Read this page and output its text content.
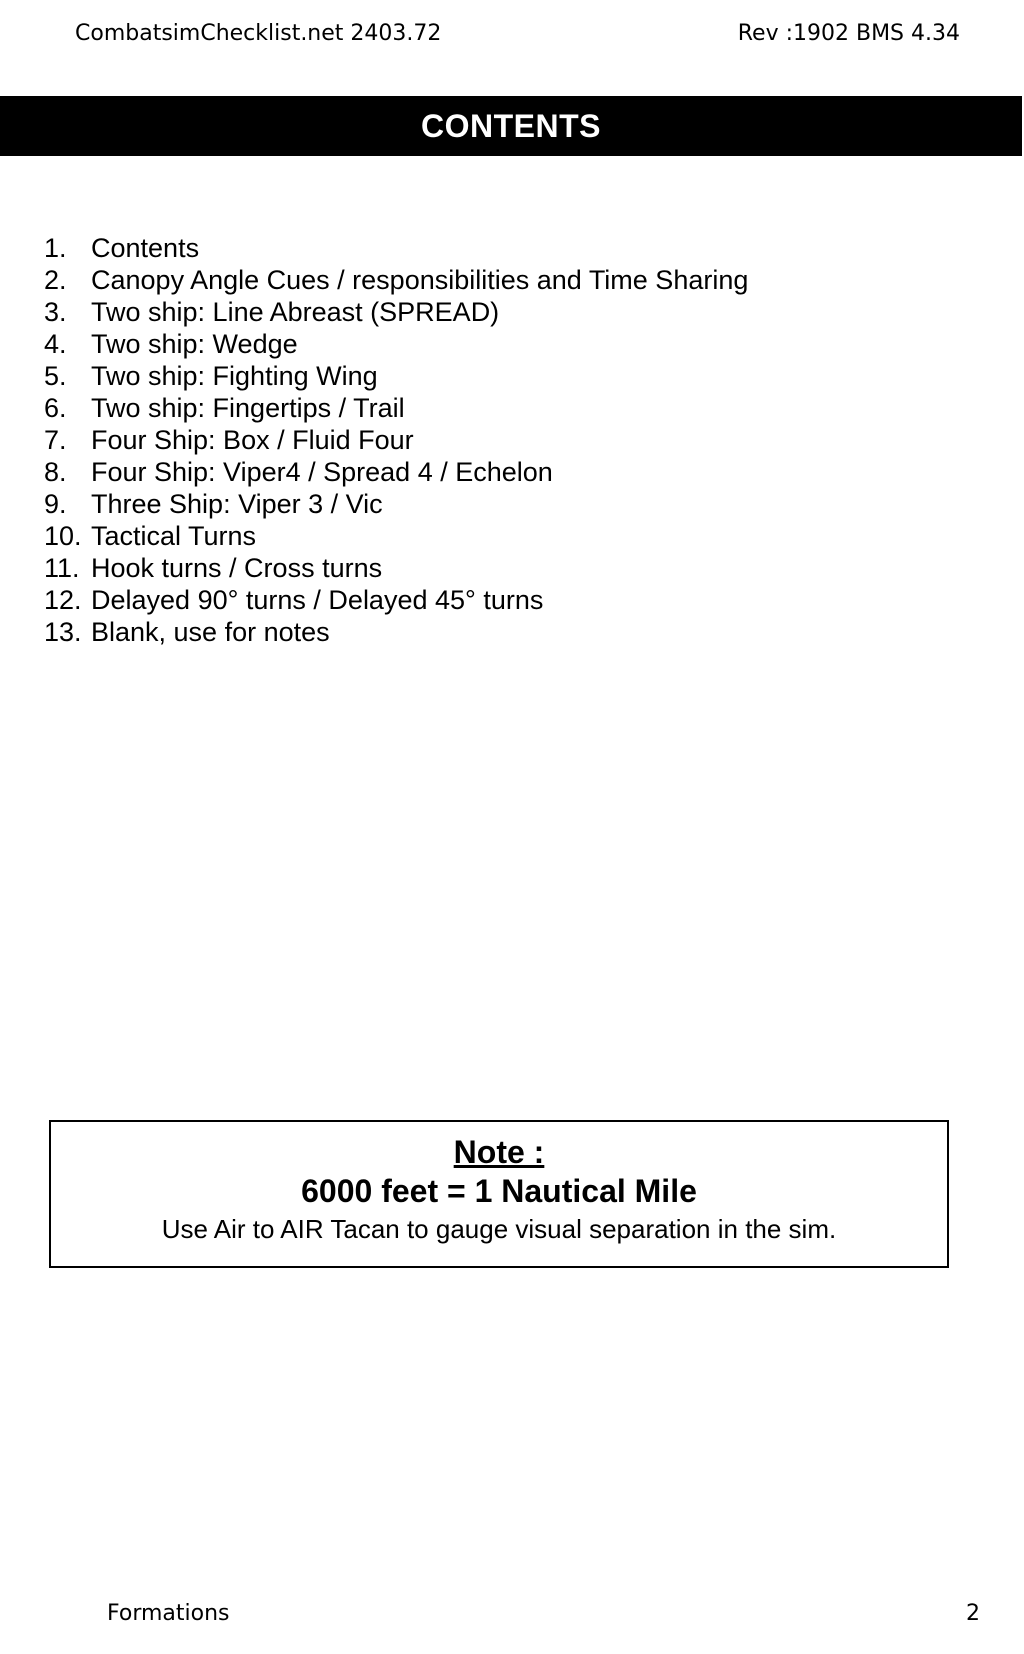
CombatsimChecklist.net 2403.72	Rev :1902 BMS 4.34
CONTENTS
1. Contents
2. Canopy Angle Cues / responsibilities and Time Sharing
3. Two ship: Line Abreast (SPREAD)
4. Two ship: Wedge
5. Two ship: Fighting Wing
6. Two ship: Fingertips / Trail
7. Four Ship: Box / Fluid Four
8. Four Ship: Viper4 / Spread 4 / Echelon
9. Three Ship: Viper 3 / Vic
10. Tactical Turns
11. Hook turns / Cross turns
12. Delayed 90° turns / Delayed 45° turns
13. Blank, use for notes
Note :
6000 feet = 1 Nautical Mile
Use Air to AIR Tacan to gauge visual separation in the sim.
Formations	2
